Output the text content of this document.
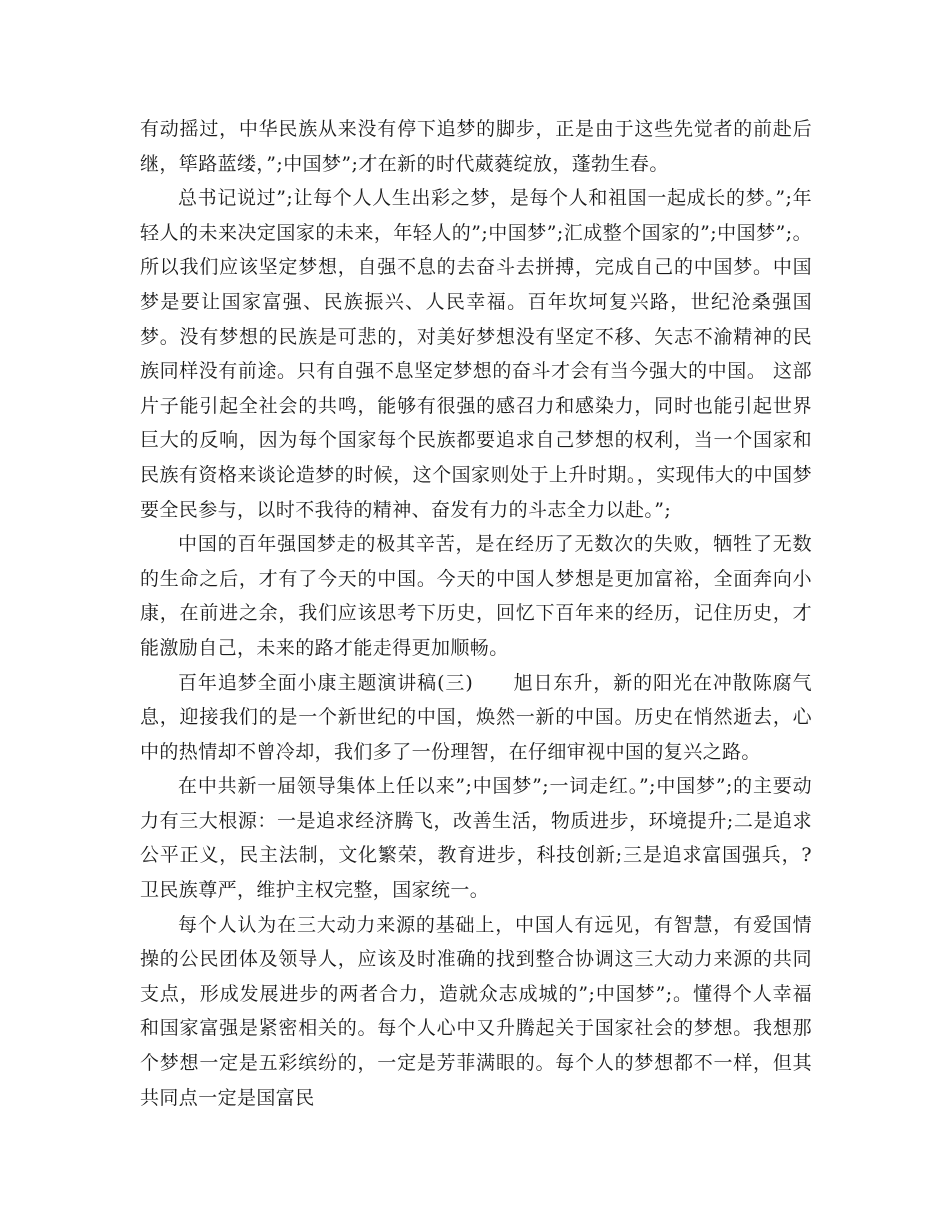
有动摇过，中华民族从来没有停下追梦的脚步，正是由于这些先觉者的前赴后继，筚路蓝缕，”;中国梦”;才在新的时代葳蕤绽放，蓬勃生春。

总书记说过”;让每个人人生出彩之梦，是每个人和祖国一起成长的梦。”;年轻人的未来决定国家的未来，年轻人的”;中国梦”;汇成整个国家的”;中国梦”;。所以我们应该坚定梦想，自强不息的去奋斗去拼搏，完成自己的中国梦。中国梦是要让国家富强、民族振兴、人民幸福。百年坎坷复兴路，世纪沧桑强国梦。没有梦想的民族是可悲的，对美好梦想没有坚定不移、矢志不渝精神的民族同样没有前途。只有自强不息坚定梦想的奋斗才会有当今强大的中国。 这部片子能引起全社会的共鸣，能够有很强的感召力和感染力，同时也能引起世界巨大的反响，因为每个国家每个民族都要追求自己梦想的权利，当一个国家和民族有资格来谈论造梦的时候，这个国家则处于上升时期。，实现伟大的中国梦要全民参与，以时不我待的精神、奋发有力的斗志全力以赴。”;

中国的百年强国梦走的极其辛苦，是在经历了无数次的失败，牺牲了无数的生命之后，才有了今天的中国。今天的中国人梦想是更加富裕，全面奔向小康，在前进之余，我们应该思考下历史，回忆下百年来的经历，记住历史，才能激励自己，未来的路才能走得更加顺畅。

百年追梦全面小康主题演讲稿(三)　　旭日东升，新的阳光在冲散陈腐气息，迎接我们的是一个新世纪的中国，焕然一新的中国。历史在悄然逝去，心中的热情却不曾冷却，我们多了一份理智，在仔细审视中国的复兴之路。

在中共新一届领导集体上任以来”;中国梦”;一词走红。”;中国梦”;的主要动力有三大根源：一是追求经济腾飞，改善生活，物质进步，环境提升;二是追求公平正义，民主法制，文化繁荣，教育进步，科技创新;三是追求富国强兵，?卫民族尊严，维护主权完整，国家统一。

每个人认为在三大动力来源的基础上，中国人有远见，有智慧，有爱国情操的公民团体及领导人，应该及时准确的找到整合协调这三大动力来源的共同支点，形成发展进步的两者合力，造就众志成城的”;中国梦”;。懂得个人幸福和国家富强是紧密相关的。每个人心中又升腾起关于国家社会的梦想。我想那个梦想一定是五彩缤纷的，一定是芳菲满眼的。每个人的梦想都不一样，但其共同点一定是国富民
